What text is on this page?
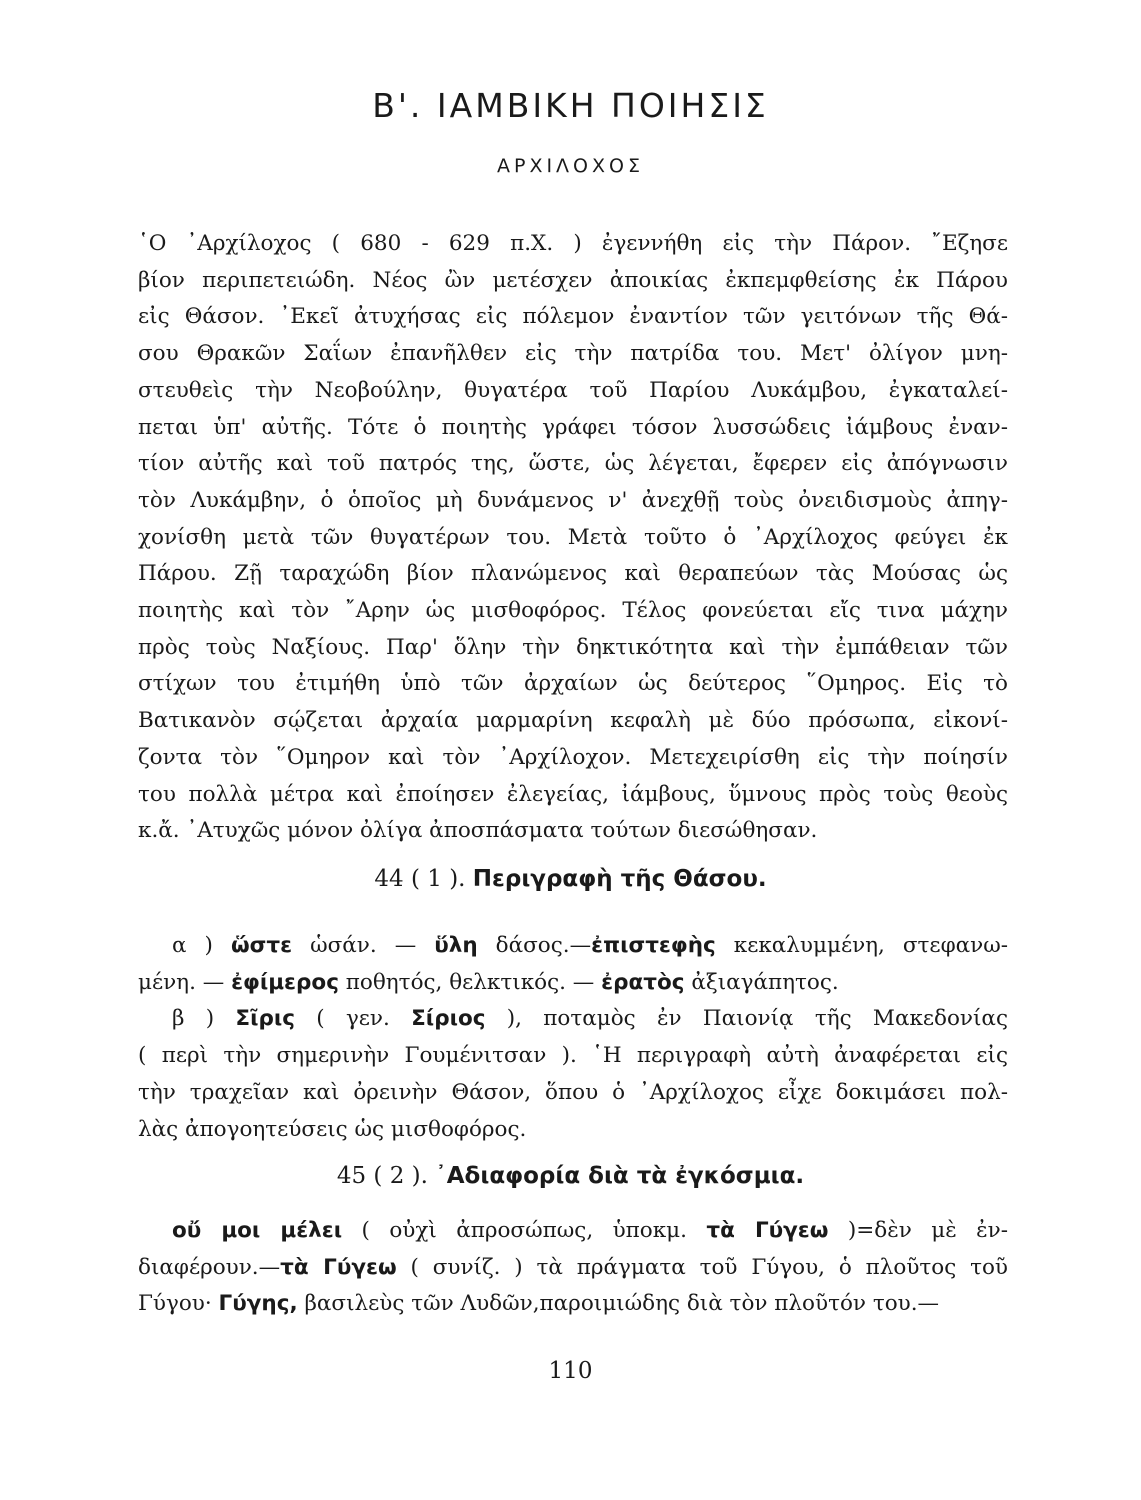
Β'. ΙΑΜΒΙΚΗ ΠΟΙΗΣΙΣ
ΑΡΧΙΛΟΧΟΣ
῾Ο ᾿Αρχίλοχος ( 680 - 629 π.Χ. ) ἐγεννήθη εἰς τὴν Πάρον. ῎Εζησε
βίον περιπετειώδη. Νέος ὢν μετέσχεν ἀποικίας ἐκπεμφθείσης ἐκ Πάρου
εἰς Θάσον. ᾿Εκεῖ ἀτυχήσας εἰς πόλεμον ἐναντίον τῶν γειτόνων τῆς Θά-
σου Θρακῶν Σαΐων ἐπανῆλθεν εἰς τὴν πατρίδα του. Μετ' ὀλίγον μνη-
στευθεὶς τὴν Νεοβούλην, θυγατέρα τοῦ Παρίου Λυκάμβου, ἐγκαταλεί-
πεται ὑπ' αὐτῆς. Τότε ὁ ποιητὴς γράφει τόσον λυσσώδεις ἰάμβους ἐναν-
τίον αὐτῆς καὶ τοῦ πατρός της, ὥστε, ὡς λέγεται, ἔφερεν εἰς ἀπόγνωσιν
τὸν Λυκάμβην, ὁ ὁποῖος μὴ δυνάμενος ν' ἀνεχθῇ τοὺς ὀνειδισμοὺς ἀπηγ-
χονίσθη μετὰ τῶν θυγατέρων του. Μετὰ τοῦτο ὁ ᾿Αρχίλοχος φεύγει ἐκ
Πάρου. Ζῇ ταραχώδη βίον πλανώμενος καὶ θεραπεύων τὰς Μούσας ὡς
ποιητὴς καὶ τὸν ῎Αρην ὡς μισθοφόρος. Τέλος φονεύεται εἴς τινα μάχην
πρὸς τοὺς Ναξίους. Παρ' ὅλην τὴν δηκτικότητα καὶ τὴν ἐμπάθειαν τῶν
στίχων του ἐτιμήθη ὑπὸ τῶν ἀρχαίων ὡς δεύτερος ῞Ομηρος. Εἰς τὸ
Βατικανὸν σῴζεται ἀρχαία μαρμαρίνη κεφαλὴ μὲ δύο πρόσωπα, εἰκονί-
ζοντα τὸν ῞Ομηρον καὶ τὸν ᾿Αρχίλοχον. Μετεχειρίσθη εἰς τὴν ποίησίν
του πολλὰ μέτρα καὶ ἐποίησεν ἐλεγείας, ἰάμβους, ὕμνους πρὸς τοὺς θεοὺς
κ.ἄ. ᾿Ατυχῶς μόνον ὀλίγα ἀποσπάσματα τούτων διεσώθησαν.
44 ( 1 ). Περιγραφὴ τῆς Θάσου.
α ) ὥστε ὡσάν. — ὕλη δάσος.—ἐπιστεφὴς κεκαλυμμένη, στεφανω-
μένη. — ἐφίμερος ποθητός, θελκτικός. — ἐρατὸς ἀξιαγάπητος.
β ) Σῖρις ( γεν. Σίριος ), ποταμὸς ἐν Παιονίᾳ τῆς Μακεδονίας
( περὶ τὴν σημερινὴν Γουμένιτσαν ). ῾Η περιγραφὴ αὐτὴ ἀναφέρεται εἰς
τὴν τραχεῖαν καὶ ὀρεινὴν Θάσον, ὅπου ὁ ᾿Αρχίλοχος εἶχε δοκιμάσει πολ-
λὰς ἀπογοητεύσεις ὡς μισθοφόρος.
45 ( 2 ). ᾿Αδιαφορία διὰ τὰ ἐγκόσμια.
οὔ μοι μέλει ( οὐχὶ ἀπροσώπως, ὑποκμ. τὰ Γύγεω )=δὲν μὲ ἐν-
διαφέρουν.—τὰ Γύγεω ( συνίζ. ) τὰ πράγματα τοῦ Γύγου, ὁ πλοῦτος τοῦ
Γύγου· Γύγης, βασιλεὺς τῶν Λυδῶν,παροιμιώδης διὰ τὸν πλοῦτόν του.—
110
